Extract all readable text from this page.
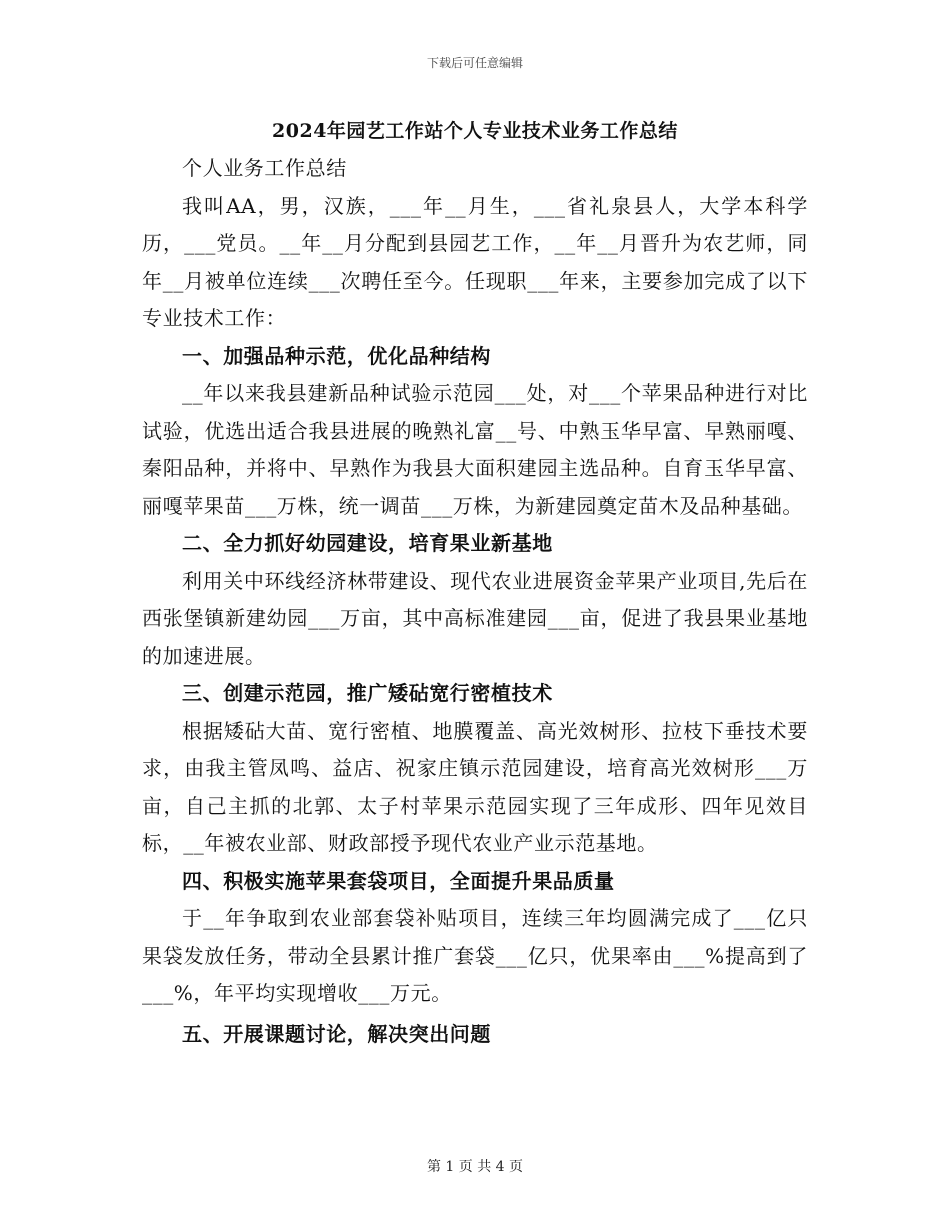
下载后可任意编辑
2024年园艺工作站个人专业技术业务工作总结

个人业务工作总结

我叫AA，男，汉族，___年__月生，___省礼泉县人，大学本科学历，___党员。__年__月分配到县园艺工作，__年__月晋升为农艺师，同年__月被单位连续___次聘任至今。任现职___年来，主要参加完成了以下专业技术工作：

一、加强品种示范，优化品种结构

__年以来我县建新品种试验示范园___处，对___个苹果品种进行对比试验，优选出适合我县进展的晚熟礼富__号、中熟玉华早富、早熟丽嘎、秦阳品种，并将中、早熟作为我县大面积建园主选品种。自育玉华早富、丽嘎苹果苗___万株，统一调苗___万株，为新建园奠定苗木及品种基础。

二、全力抓好幼园建设，培育果业新基地

利用关中环线经济林带建设、现代农业进展资金苹果产业项目,先后在西张堡镇新建幼园___万亩，其中高标准建园___亩，促进了我县果业基地的加速进展。

三、创建示范园，推广矮砧宽行密植技术

根据矮砧大苗、宽行密植、地膜覆盖、高光效树形、拉枝下垂技术要求，由我主管凤鸣、益店、祝家庄镇示范园建设，培育高光效树形___万亩，自己主抓的北郭、太子村苹果示范园实现了三年成形、四年见效目标，__年被农业部、财政部授予现代农业产业示范基地。

四、积极实施苹果套袋项目，全面提升果品质量

于__年争取到农业部套袋补贴项目，连续三年均圆满完成了___亿只果袋发放任务，带动全县累计推广套袋___亿只，优果率由___%提高到了___%，年平均实现增收___万元。

五、开展课题讨论，解决突出问题

第 1 页 共 4 页
